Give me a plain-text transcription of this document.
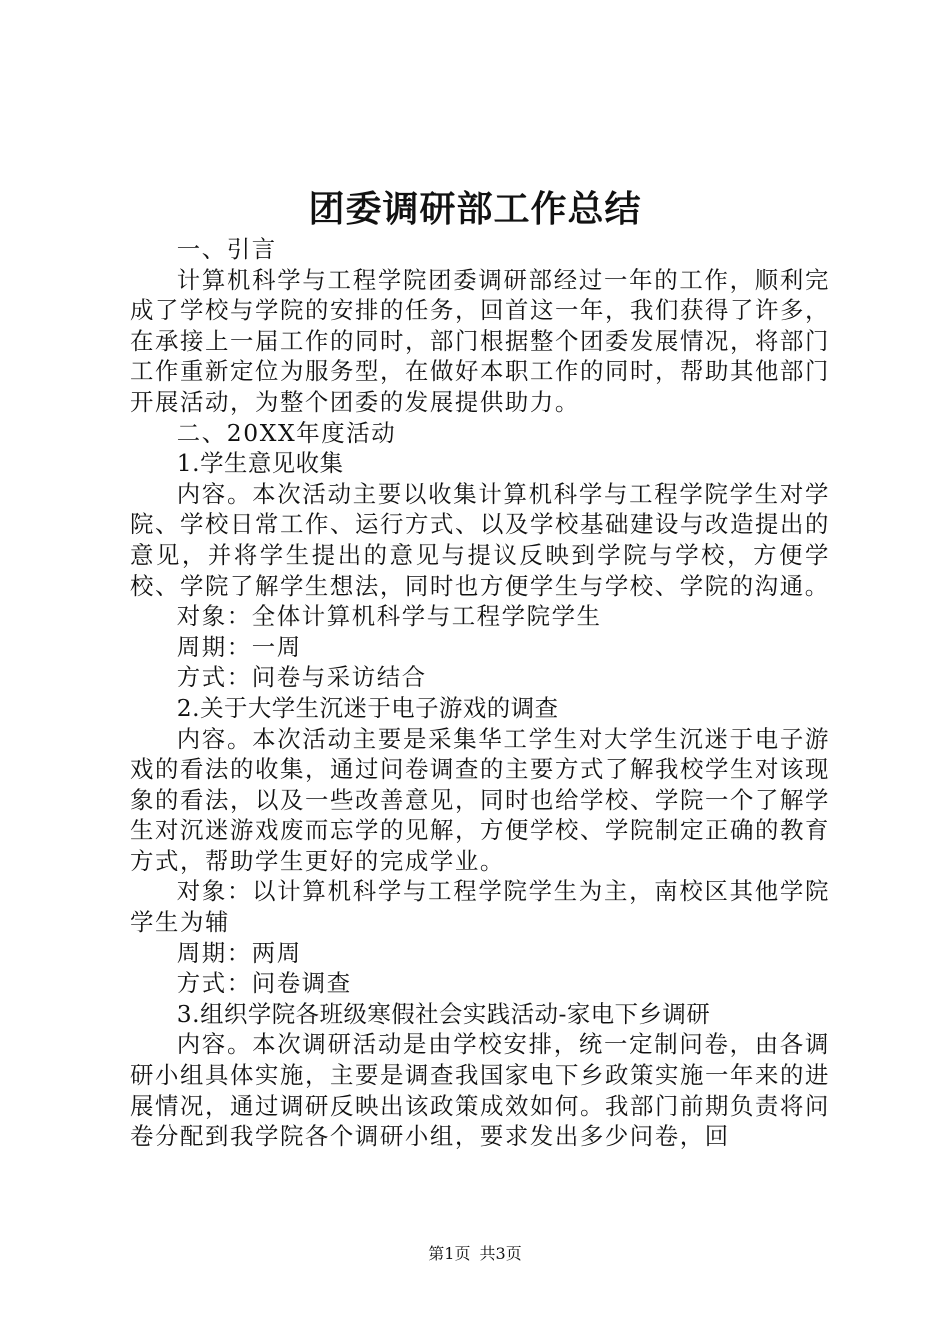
团委调研部工作总结

一、引言

计算机科学与工程学院团委调研部经过一年的工作，顺利完成了学校与学院的安排的任务，回首这一年，我们获得了许多，在承接上一届工作的同时，部门根据整个团委发展情况，将部门工作重新定位为服务型，在做好本职工作的同时，帮助其他部门开展活动，为整个团委的发展提供助力。

二、20XX年度活动

1.学生意见收集

内容。本次活动主要以收集计算机科学与工程学院学生对学院、学校日常工作、运行方式、以及学校基础建设与改造提出的意见，并将学生提出的意见与提议反映到学院与学校，方便学校、学院了解学生想法，同时也方便学生与学校、学院的沟通。

对象：全体计算机科学与工程学院学生

周期：一周

方式：问卷与采访结合

2.关于大学生沉迷于电子游戏的调查

内容。本次活动主要是采集华工学生对大学生沉迷于电子游戏的看法的收集，通过问卷调查的主要方式了解我校学生对该现象的看法，以及一些改善意见，同时也给学校、学院一个了解学生对沉迷游戏废而忘学的见解，方便学校、学院制定正确的教育方式，帮助学生更好的完成学业。

对象：以计算机科学与工程学院学生为主，南校区其他学院学生为辅

周期：两周

方式：问卷调查

3.组织学院各班级寒假社会实践活动-家电下乡调研

内容。本次调研活动是由学校安排，统一定制问卷，由各调研小组具体实施，主要是调查我国家电下乡政策实施一年来的进展情况，通过调研反映出该政策成效如何。我部门前期负责将问卷分配到我学院各个调研小组，要求发出多少问卷，回

第1页 共3页
